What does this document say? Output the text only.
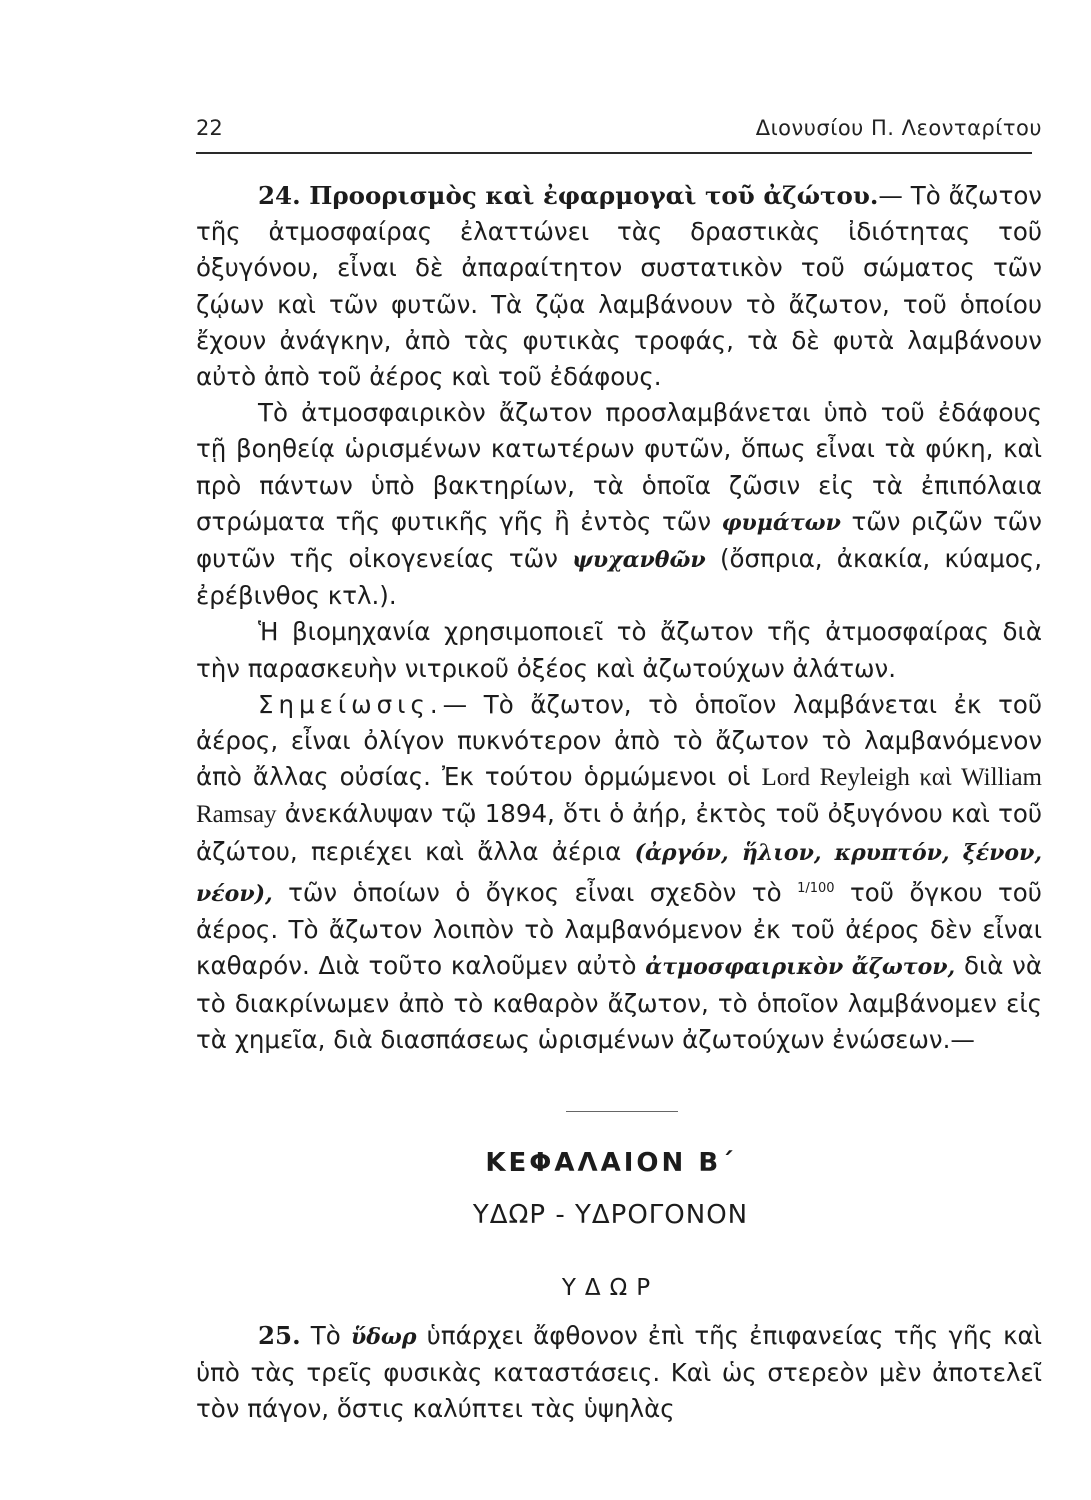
22	Διονυσίου Π. Λεονταρίτου

24. Προορισμὸς καὶ ἐφαρμογαὶ τοῦ ἀζώτου.— Τὸ ἄζωτον τῆς ἀτμοσφαίρας ἐλαττώνει τὰς δραστικὰς ἰδιότητας τοῦ ὀξυγόνου, εἶναι δὲ ἀπαραίτητον συστατικὸν τοῦ σώματος τῶν ζῴων καὶ τῶν φυτῶν. Τὰ ζῷα λαμβάνουν τὸ ἄζωτον, τοῦ ὁποίου ἔχουν ἀνάγκην, ἀπὸ τὰς φυτικὰς τροφάς, τὰ δὲ φυτὰ λαμβάνουν αὐτὸ ἀπὸ τοῦ ἀέρος καὶ τοῦ ἐδάφους.

Τὸ ἀτμοσφαιρικὸν ἄζωτον προσλαμβάνεται ὑπὸ τοῦ ἐδάφους τῇ βοηθείᾳ ὡρισμένων κατωτέρων φυτῶν, ὅπως εἶναι τὰ φύκη, καὶ πρὸ πάντων ὑπὸ βακτηρίων, τὰ ὁποῖα ζῶσιν εἰς τὰ ἐπιπόλαια στρώματα τῆς φυτικῆς γῆς ἢ ἐντὸς τῶν φυμάτων τῶν ριζῶν τῶν φυτῶν τῆς οἰκογενείας τῶν ψυχανθῶν (ὄσπρια, ἀκακία, κύαμος, ἐρέβινθος κτλ.).

Ἡ βιομηχανία χρησιμοποιεῖ τὸ ἄζωτον τῆς ἀτμοσφαίρας διὰ τὴν παρασκευὴν νιτρικοῦ ὀξέος καὶ ἀζωτούχων ἀλάτων.

Σημείωσις.— Τὸ ἄζωτον, τὸ ὁποῖον λαμβάνεται ἐκ τοῦ ἀέρος, εἶναι ὀλίγον πυκνότερον ἀπὸ τὸ ἄζωτον τὸ λαμβανόμενον ἀπὸ ἄλλας οὐσίας. Ἐκ τούτου ὁρμώμενοι οἱ Lord Reyleigh καὶ William Ramsay ἀνεκάλυψαν τῷ 1894, ὅτι ὁ ἀήρ, ἐκτὸς τοῦ ὀξυγόνου καὶ τοῦ ἀζώτου, περιέχει καὶ ἄλλα ἀέρια (ἀργόν, ἥλιον, κρυπτόν, ξένον, νέον), τῶν ὁποίων ὁ ὄγκος εἶναι σχεδὸν τὸ $^{1/100}$ τοῦ ὄγκου τοῦ ἀέρος. Τὸ ἄζωτον λοιπὸν τὸ λαμβανόμενον ἐκ τοῦ ἀέρος δὲν εἶναι καθαρόν. Διὰ τοῦτο καλοῦμεν αὐτὸ ἀτμοσφαιρικὸν ἄζωτον, διὰ νὰ τὸ διακρίνωμεν ἀπὸ τὸ καθαρὸν ἄζωτον, τὸ ὁποῖον λαμβάνομεν εἰς τὰ χημεῖα, διὰ διασπάσεως ὡρισμένων ἀζωτούχων ἐνώσεων.—

ΚΕΦΑΛΑΙΟΝ Β΄
ΥΔΩΡ - ΥΔΡΟΓΟΝΟΝ
ΥΔΩΡ

25. Τὸ ὕδωρ ὑπάρχει ἄφθονον ἐπὶ τῆς ἐπιφανείας τῆς γῆς καὶ ὑπὸ τὰς τρεῖς φυσικὰς καταστάσεις. Καὶ ὡς στερεὸν μὲν ἀποτελεῖ τὸν πάγον, ὅστις καλύπτει τὰς ὑψηλὰς
